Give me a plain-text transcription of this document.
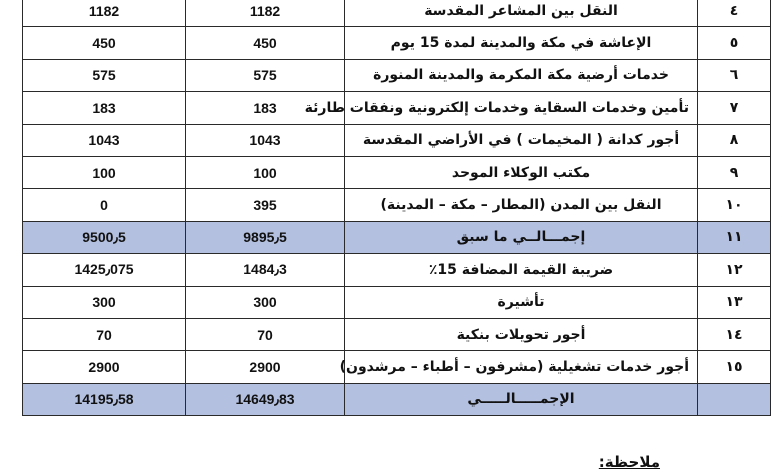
٤	النقل بين المشاعر المقدسة	1182	1182
٥	الإعاشة في مكة والمدينة لمدة 15 يوم	450	450
٦	خدمات أرضية مكة المكرمة والمدينة المنورة	575	575
٧	تأمين وخدمات السقاية وخدمات إلكترونية ونفقات طارئة	183	183
٨	أجور كدانة ( المخيمات ) في الأراضي المقدسة	1043	1043
٩	مكتب الوكلاء الموحد	100	100
١٠	النقل بين المدن (المطار – مكة – المدينة)	395	0
١١	إجمـــالــي ما سبق	9895٫5	9500٫5
١٢	ضريبة القيمة المضافة 15٪	1484٫3	1425٫075
١٣	تأشيرة	300	300
١٤	أجور تحويلات بنكية	70	70
١٥	أجور خدمات تشغيلية (مشرفون – أطباء – مرشدون)	2900	2900
	الإجمـــــالـــــي	14649٫83	14195٫58
ملاحظة:
